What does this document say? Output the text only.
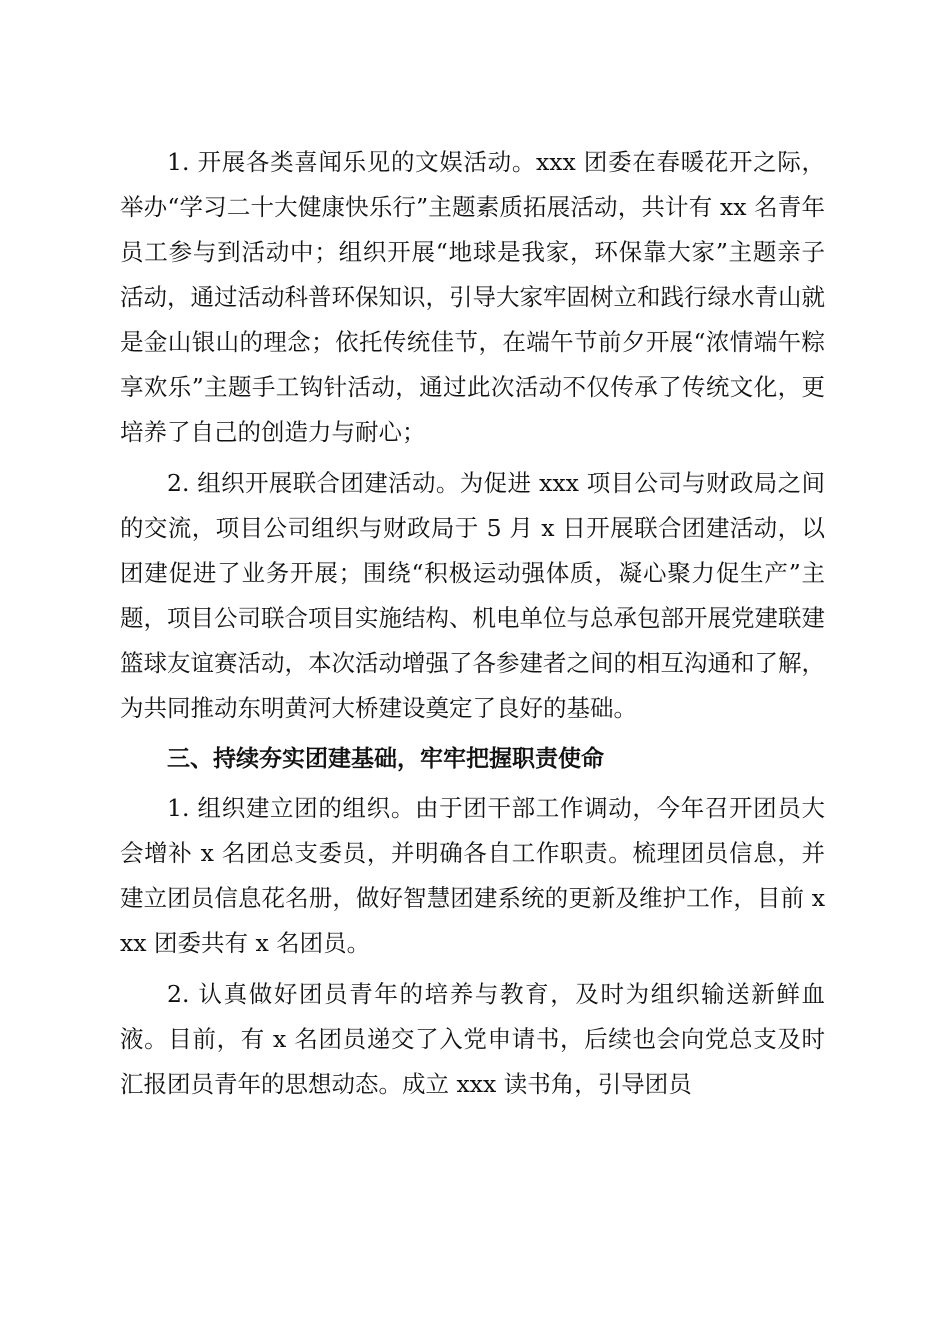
1. 开展各类喜闻乐见的文娱活动。xxx 团委在春暖花开之际，举办“学习二十大健康快乐行”主题素质拓展活动，共计有 xx 名青年员工参与到活动中；组织开展“地球是我家，环保靠大家”主题亲子活动，通过活动科普环保知识，引导大家牢固树立和践行绿水青山就是金山银山的理念；依托传统佳节，在端午节前夕开展“浓情端午粽享欢乐”主题手工钩针活动，通过此次活动不仅传承了传统文化，更培养了自己的创造力与耐心；

2. 组织开展联合团建活动。为促进 xxx 项目公司与财政局之间的交流，项目公司组织与财政局于 5 月 x 日开展联合团建活动，以团建促进了业务开展；围绕“积极运动强体质，凝心聚力促生产”主题，项目公司联合项目实施结构、机电单位与总承包部开展党建联建篮球友谊赛活动，本次活动增强了各参建者之间的相互沟通和了解，为共同推动东明黄河大桥建设奠定了良好的基础。

三、持续夯实团建基础，牢牢把握职责使命

1. 组织建立团的组织。由于团干部工作调动，今年召开团员大会增补 x 名团总支委员，并明确各自工作职责。梳理团员信息，并建立团员信息花名册，做好智慧团建系统的更新及维护工作，目前 xxx 团委共有 x 名团员。

2. 认真做好团员青年的培养与教育，及时为组织输送新鲜血液。目前，有 x 名团员递交了入党申请书，后续也会向党总支及时汇报团员青年的思想动态。成立 xxx 读书角，引导团员
